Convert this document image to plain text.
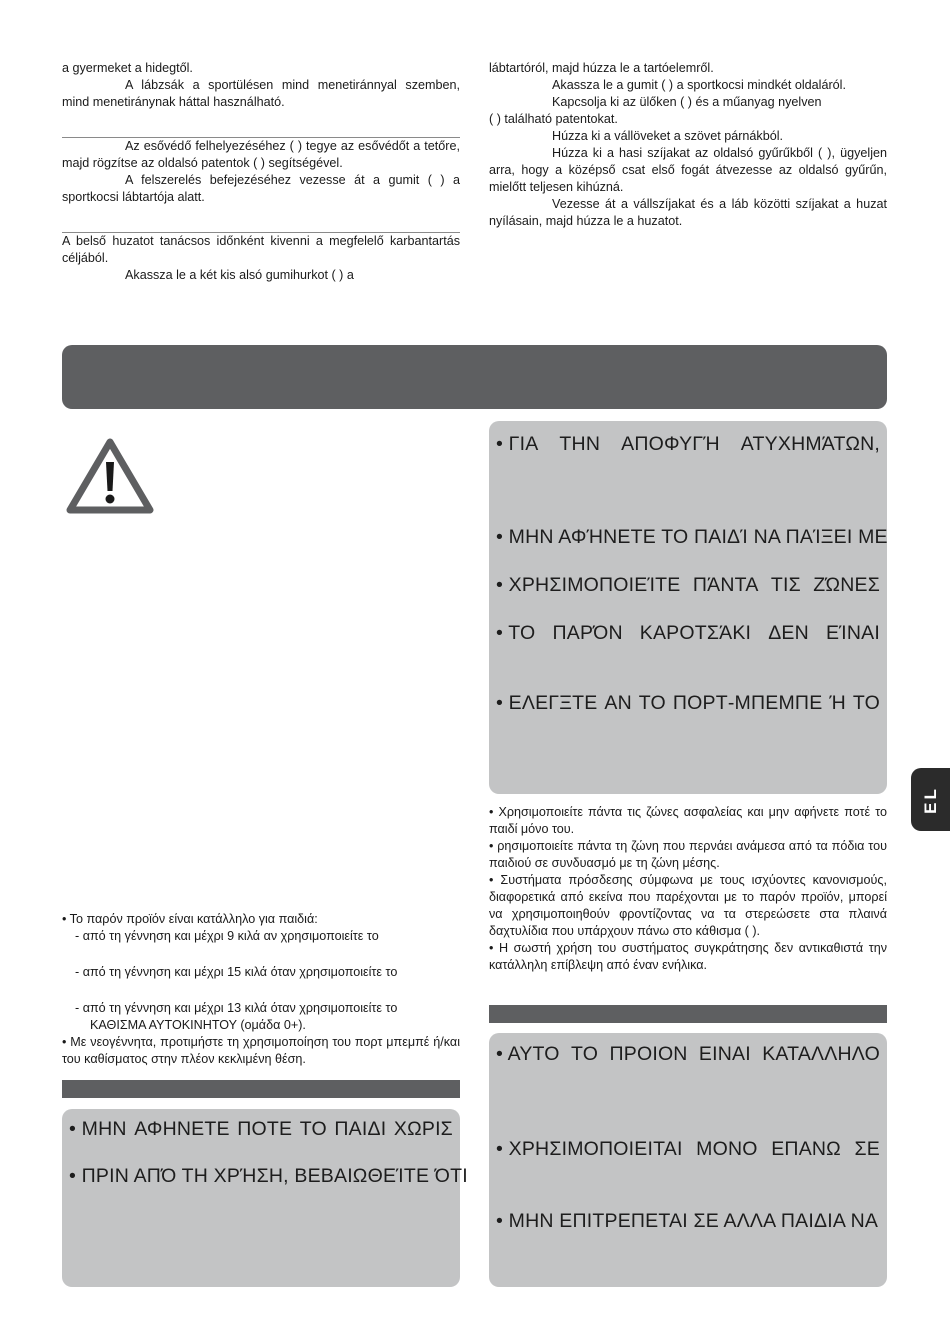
a gyermeket a hidegtől.

A lábzsák a sportülésen mind menetiránnyal szemben, mind menetiránynak háttal használható.

Az esővédő felhelyezéséhez ( ) tegye az esővédőt a tetőre, majd rögzítse az oldalsó patentok ( ) segítségével.

A felszerelés befejezéséhez vezesse át a gumit ( ) a sportkocsi lábtartója alatt.

A belső huzatot tanácsos időnként kivenni a megfelelő karbantartás céljából.

Akassza le a két kis alsó gumihurkot ( ) a

lábtartóról, majd húzza le a tartóelemről.

Akassza le a gumit ( ) a sportkocsi mindkét oldaláról.

Kapcsolja ki az ülőken ( ) és a műanyag nyelven

( ) található patentokat.

Húzza ki a vállöveket a szövet párnákból.

Húzza ki a hasi szíjakat az oldalsó gyűrűkből ( ), ügyeljen arra, hogy a középső csat első fogát átvezesse az oldalsó gyűrűn, mielőtt teljesen kihúzná.

Vezesse át a vállszíjakat és a láb közötti szíjakat a huzat nyílásain, majd húzza le a huzatot.

• ΓΙΑ ΤΗΝ ΑΠΟΦΥΓΉ ΑΤΥΧΗΜΆΤΩΝ,
• ΜΗΝ ΑΦΉΝΕΤΕ ΤΟ ΠΑΙΔΊ ΝΑ ΠΑΊΞΕΙ ΜΕ
• ΧΡΗΣΙΜΟΠΟΙΕΊΤΕ ΠΆΝΤΑ ΤΙΣ ΖΏΝΕΣ
• ΤΟ ΠΑΡΌΝ ΚΑΡΟΤΣΆΚΙ ΔΕΝ ΕΊΝΑΙ
• ΕΛΕΓΞΤΕ ΑΝ ΤΟ ΠΟΡΤ-ΜΠΕΜΠΕ Ή ΤΟ

• Χρησιμοποιείτε πάντα τις ζώνες ασφαλείας και μην αφήνετε ποτέ το παιδί μόνο του.

• ρησιμοποιείτε πάντα τη ζώνη που περνάει ανάμεσα από τα πόδια του παιδιού σε συνδυασμό με τη ζώνη μέσης.

• Συστήματα πρόσδεσης σύμφωνα με τους ισχύοντες κανονισμούς, διαφορετικά από εκείνα που παρέχονται με το παρόν προϊόν, μπορεί να χρησιμοποιηθούν φροντίζοντας να τα στερεώσετε στα πλαινά δαχτυλίδια που υπάρχουν πάνω στο κάθισμα ( ).

• Η σωστή χρήση του συστήματος συγκράτησης δεν αντικαθιστά την κατάλληλη επίβλεψη από έναν ενήλικα.

• Το παρόν προϊόν είναι κατάλληλο για παιδιά:

- από τη γέννηση και μέχρι 9 κιλά αν χρησιμοποιείτε το

- από τη γέννηση και μέχρι 15 κιλά όταν χρησιμοποιείτε το

- από τη γέννηση και μέχρι 13 κιλά όταν χρησιμοποιείτε το

ΚΑΘΙΣΜΑ ΑΥΤΟΚΙΝΗΤΟΥ (ομάδα 0+).

• Με νεογέννητα, προτιμήστε τη χρησιμοποίηση του πορτ μπεμπέ ή/και του καθίσματος στην πλέον κεκλιμένη θέση.

• ΜΗΝ ΑΦΗΝΕΤΕ ΠΟΤΕ ΤΟ ΠΑΙΔΙ ΧΩΡΙΣ
• ΠΡΙΝ ΑΠΌ ΤΗ ΧΡΉΣΗ, ΒΕΒΑΙΩΘΕΊΤΕ ΌΤΙ
• ΑΥΤΟ ΤΟ ΠΡΟΙΟΝ ΕΙΝΑΙ ΚΑΤΑΛΛΗΛΟ
• ΧΡΗΣΙΜΟΠΟΙΕΙΤΑΙ ΜΟΝΟ ΕΠΑΝΩ ΣΕ
• ΜΗΝ ΕΠΙΤΡΕΠΕΤΑΙ ΣΕ ΑΛΛΑ ΠΑΙΔΙΑ ΝΑ
EL
